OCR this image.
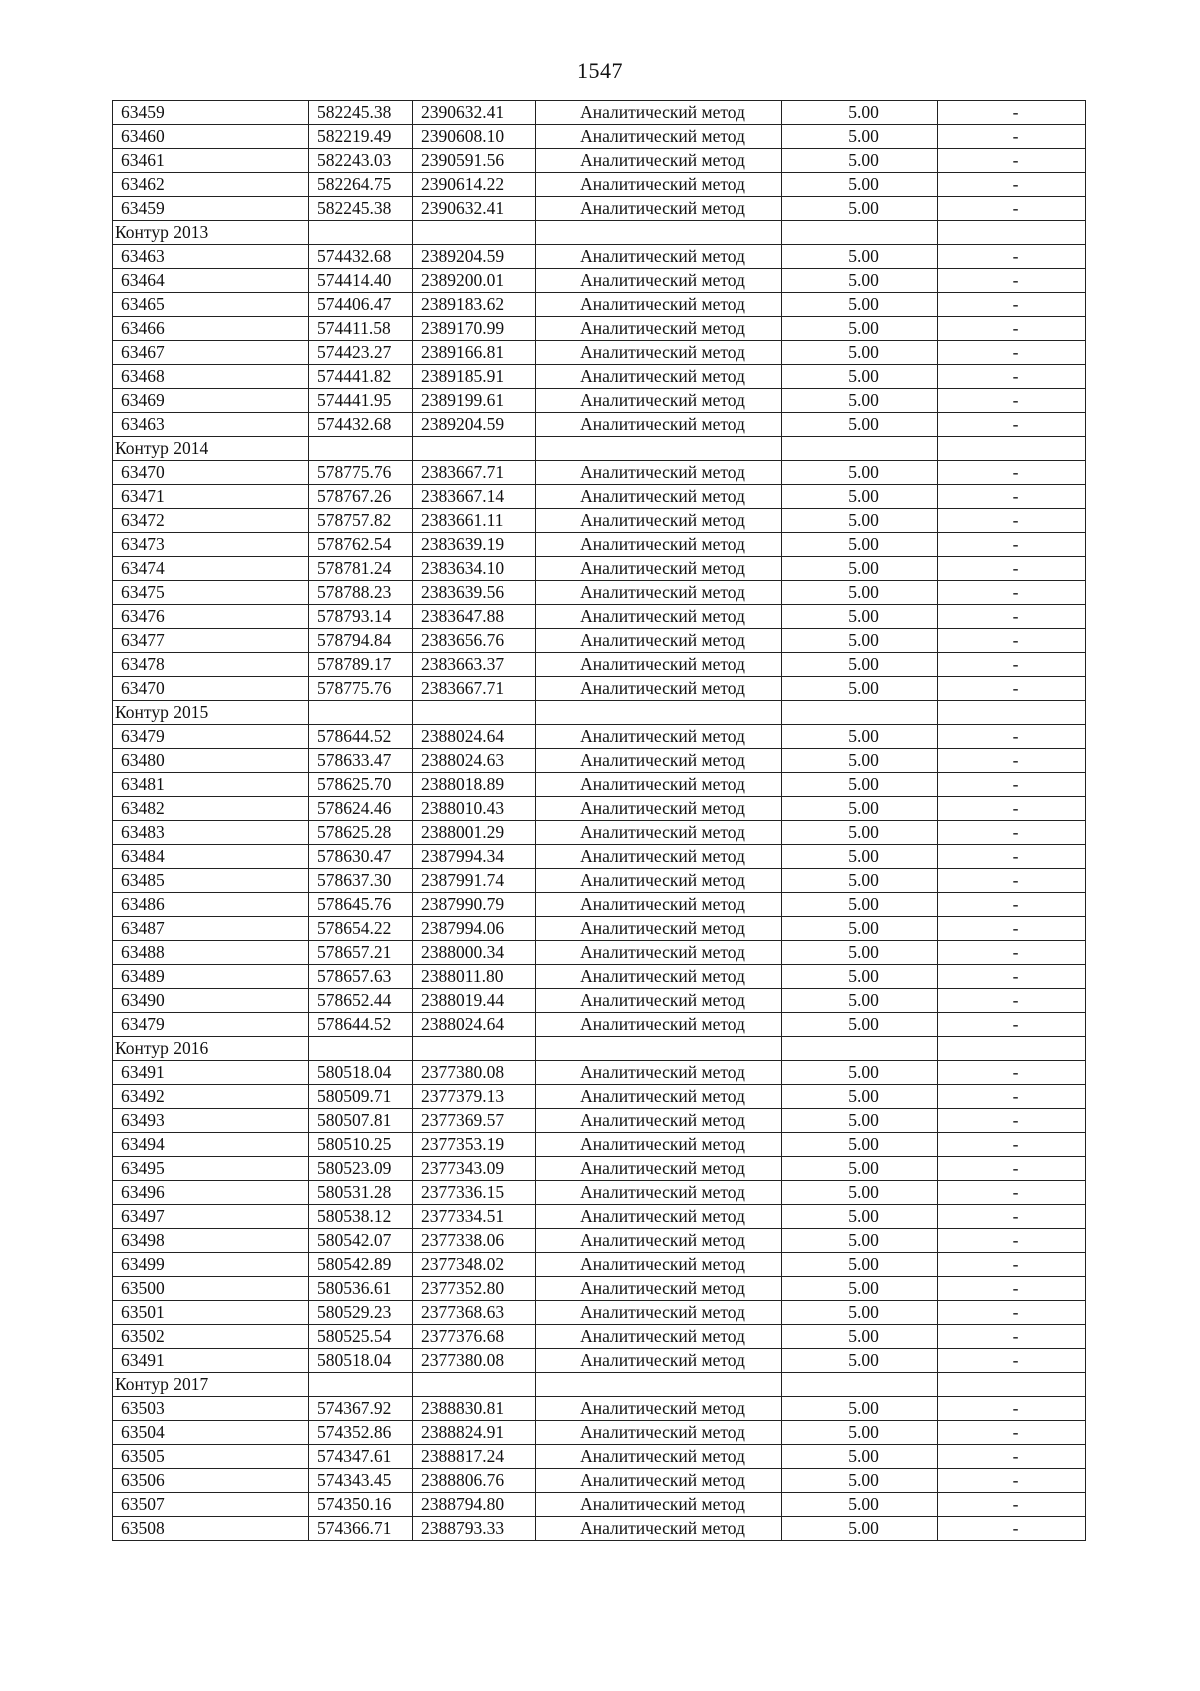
1547
63459	582245.38	2390632.41	Аналитический метод	5.00	-
63460	582219.49	2390608.10	Аналитический метод	5.00	-
63461	582243.03	2390591.56	Аналитический метод	5.00	-
63462	582264.75	2390614.22	Аналитический метод	5.00	-
63459	582245.38	2390632.41	Аналитический метод	5.00	-
Контур 2013					
63463	574432.68	2389204.59	Аналитический метод	5.00	-
63464	574414.40	2389200.01	Аналитический метод	5.00	-
63465	574406.47	2389183.62	Аналитический метод	5.00	-
63466	574411.58	2389170.99	Аналитический метод	5.00	-
63467	574423.27	2389166.81	Аналитический метод	5.00	-
63468	574441.82	2389185.91	Аналитический метод	5.00	-
63469	574441.95	2389199.61	Аналитический метод	5.00	-
63463	574432.68	2389204.59	Аналитический метод	5.00	-
Контур 2014					
63470	578775.76	2383667.71	Аналитический метод	5.00	-
63471	578767.26	2383667.14	Аналитический метод	5.00	-
63472	578757.82	2383661.11	Аналитический метод	5.00	-
63473	578762.54	2383639.19	Аналитический метод	5.00	-
63474	578781.24	2383634.10	Аналитический метод	5.00	-
63475	578788.23	2383639.56	Аналитический метод	5.00	-
63476	578793.14	2383647.88	Аналитический метод	5.00	-
63477	578794.84	2383656.76	Аналитический метод	5.00	-
63478	578789.17	2383663.37	Аналитический метод	5.00	-
63470	578775.76	2383667.71	Аналитический метод	5.00	-
Контур 2015					
63479	578644.52	2388024.64	Аналитический метод	5.00	-
63480	578633.47	2388024.63	Аналитический метод	5.00	-
63481	578625.70	2388018.89	Аналитический метод	5.00	-
63482	578624.46	2388010.43	Аналитический метод	5.00	-
63483	578625.28	2388001.29	Аналитический метод	5.00	-
63484	578630.47	2387994.34	Аналитический метод	5.00	-
63485	578637.30	2387991.74	Аналитический метод	5.00	-
63486	578645.76	2387990.79	Аналитический метод	5.00	-
63487	578654.22	2387994.06	Аналитический метод	5.00	-
63488	578657.21	2388000.34	Аналитический метод	5.00	-
63489	578657.63	2388011.80	Аналитический метод	5.00	-
63490	578652.44	2388019.44	Аналитический метод	5.00	-
63479	578644.52	2388024.64	Аналитический метод	5.00	-
Контур 2016					
63491	580518.04	2377380.08	Аналитический метод	5.00	-
63492	580509.71	2377379.13	Аналитический метод	5.00	-
63493	580507.81	2377369.57	Аналитический метод	5.00	-
63494	580510.25	2377353.19	Аналитический метод	5.00	-
63495	580523.09	2377343.09	Аналитический метод	5.00	-
63496	580531.28	2377336.15	Аналитический метод	5.00	-
63497	580538.12	2377334.51	Аналитический метод	5.00	-
63498	580542.07	2377338.06	Аналитический метод	5.00	-
63499	580542.89	2377348.02	Аналитический метод	5.00	-
63500	580536.61	2377352.80	Аналитический метод	5.00	-
63501	580529.23	2377368.63	Аналитический метод	5.00	-
63502	580525.54	2377376.68	Аналитический метод	5.00	-
63491	580518.04	2377380.08	Аналитический метод	5.00	-
Контур 2017					
63503	574367.92	2388830.81	Аналитический метод	5.00	-
63504	574352.86	2388824.91	Аналитический метод	5.00	-
63505	574347.61	2388817.24	Аналитический метод	5.00	-
63506	574343.45	2388806.76	Аналитический метод	5.00	-
63507	574350.16	2388794.80	Аналитический метод	5.00	-
63508	574366.71	2388793.33	Аналитический метод	5.00	-
